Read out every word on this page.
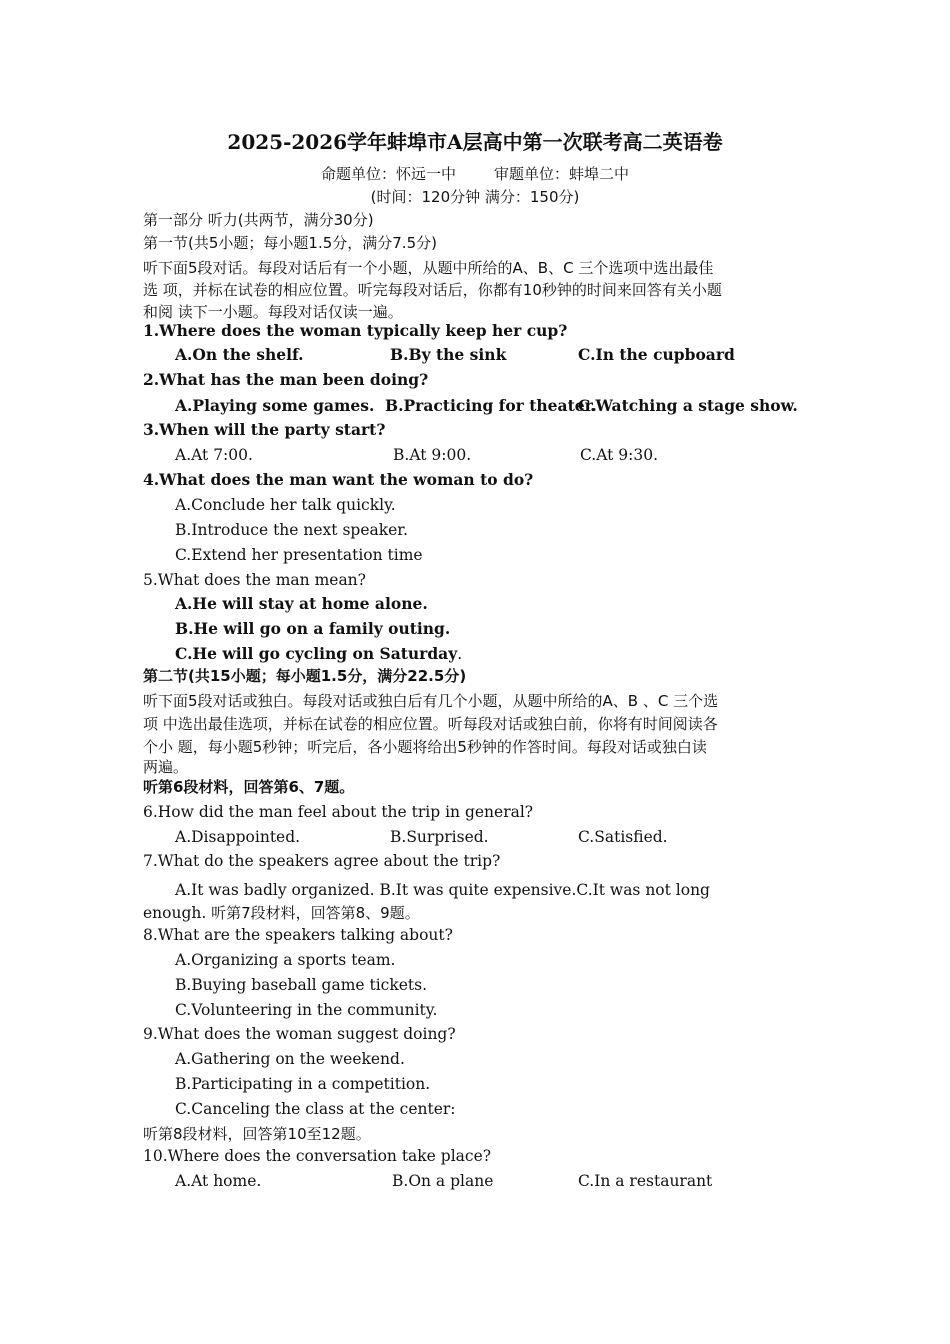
2025-2026学年蚌埠市A层高中第一次联考高二英语卷
命题单位：怀远一中	审题单位：蚌埠二中
(时间：120分钟 满分：150分)
第一部分 听力(共两节，满分30分)
第一节(共5小题；每小题1.5分，满分7.5分)
听下面5段对话。每段对话后有一个小题，从题中所给的A、B、C 三个选项中选出最佳
选 项，并标在试卷的相应位置。听完每段对话后，你都有10秒钟的时间来回答有关小题
和阅 读下一小题。每段对话仅读一遍。
1.Where does the woman typically keep her cup?
A.On the shelf.	B.By the sink	C.In the cupboard
2.What has the man been doing?
A.Playing some games. B.Practicing for theater.
C.Watching a stage show.
3.When will the party start?
A.At 7:00.	B.At 9:00.	C.At 9:30.
4.What does the man want the woman to do?
A.Conclude her talk quickly.
B.Introduce the next speaker.
C.Extend her presentation time
5.What does the man mean?
A.He will stay at home alone.
B.He will go on a family outing.
C.He will go cycling on Saturday.
第二节(共15小题；每小题1.5分，满分22.5分)
听下面5段对话或独白。每段对话或独白后有几个小题，从题中所给的A、B 、C 三个选
项 中选出最佳选项，并标在试卷的相应位置。听每段对话或独白前，你将有时间阅读各
个小 题，每小题5秒钟；听完后，各小题将给出5秒钟的作答时间。每段对话或独白读
两遍。
听第6段材料，回答第6、7题。
6.How did the man feel about the trip in general?
A.Disappointed.	B.Surprised.	C.Satisfied.
7.What do the speakers agree about the trip?
A.It was badly organized. B.It was quite expensive.C.It was not long
enough. 听第7段材料，回答第8、9题。
8.What are the speakers talking about?
A.Organizing a sports team.
B.Buying baseball game tickets.
C.Volunteering in the community.
9.What does the woman suggest doing?
A.Gathering on the weekend.
B.Participating in a competition.
C.Canceling the class at the center:
听第8段材料，回答第10至12题。
10.Where does the conversation take place?
A.At home.	B.On a plane	C.In a restaurant
